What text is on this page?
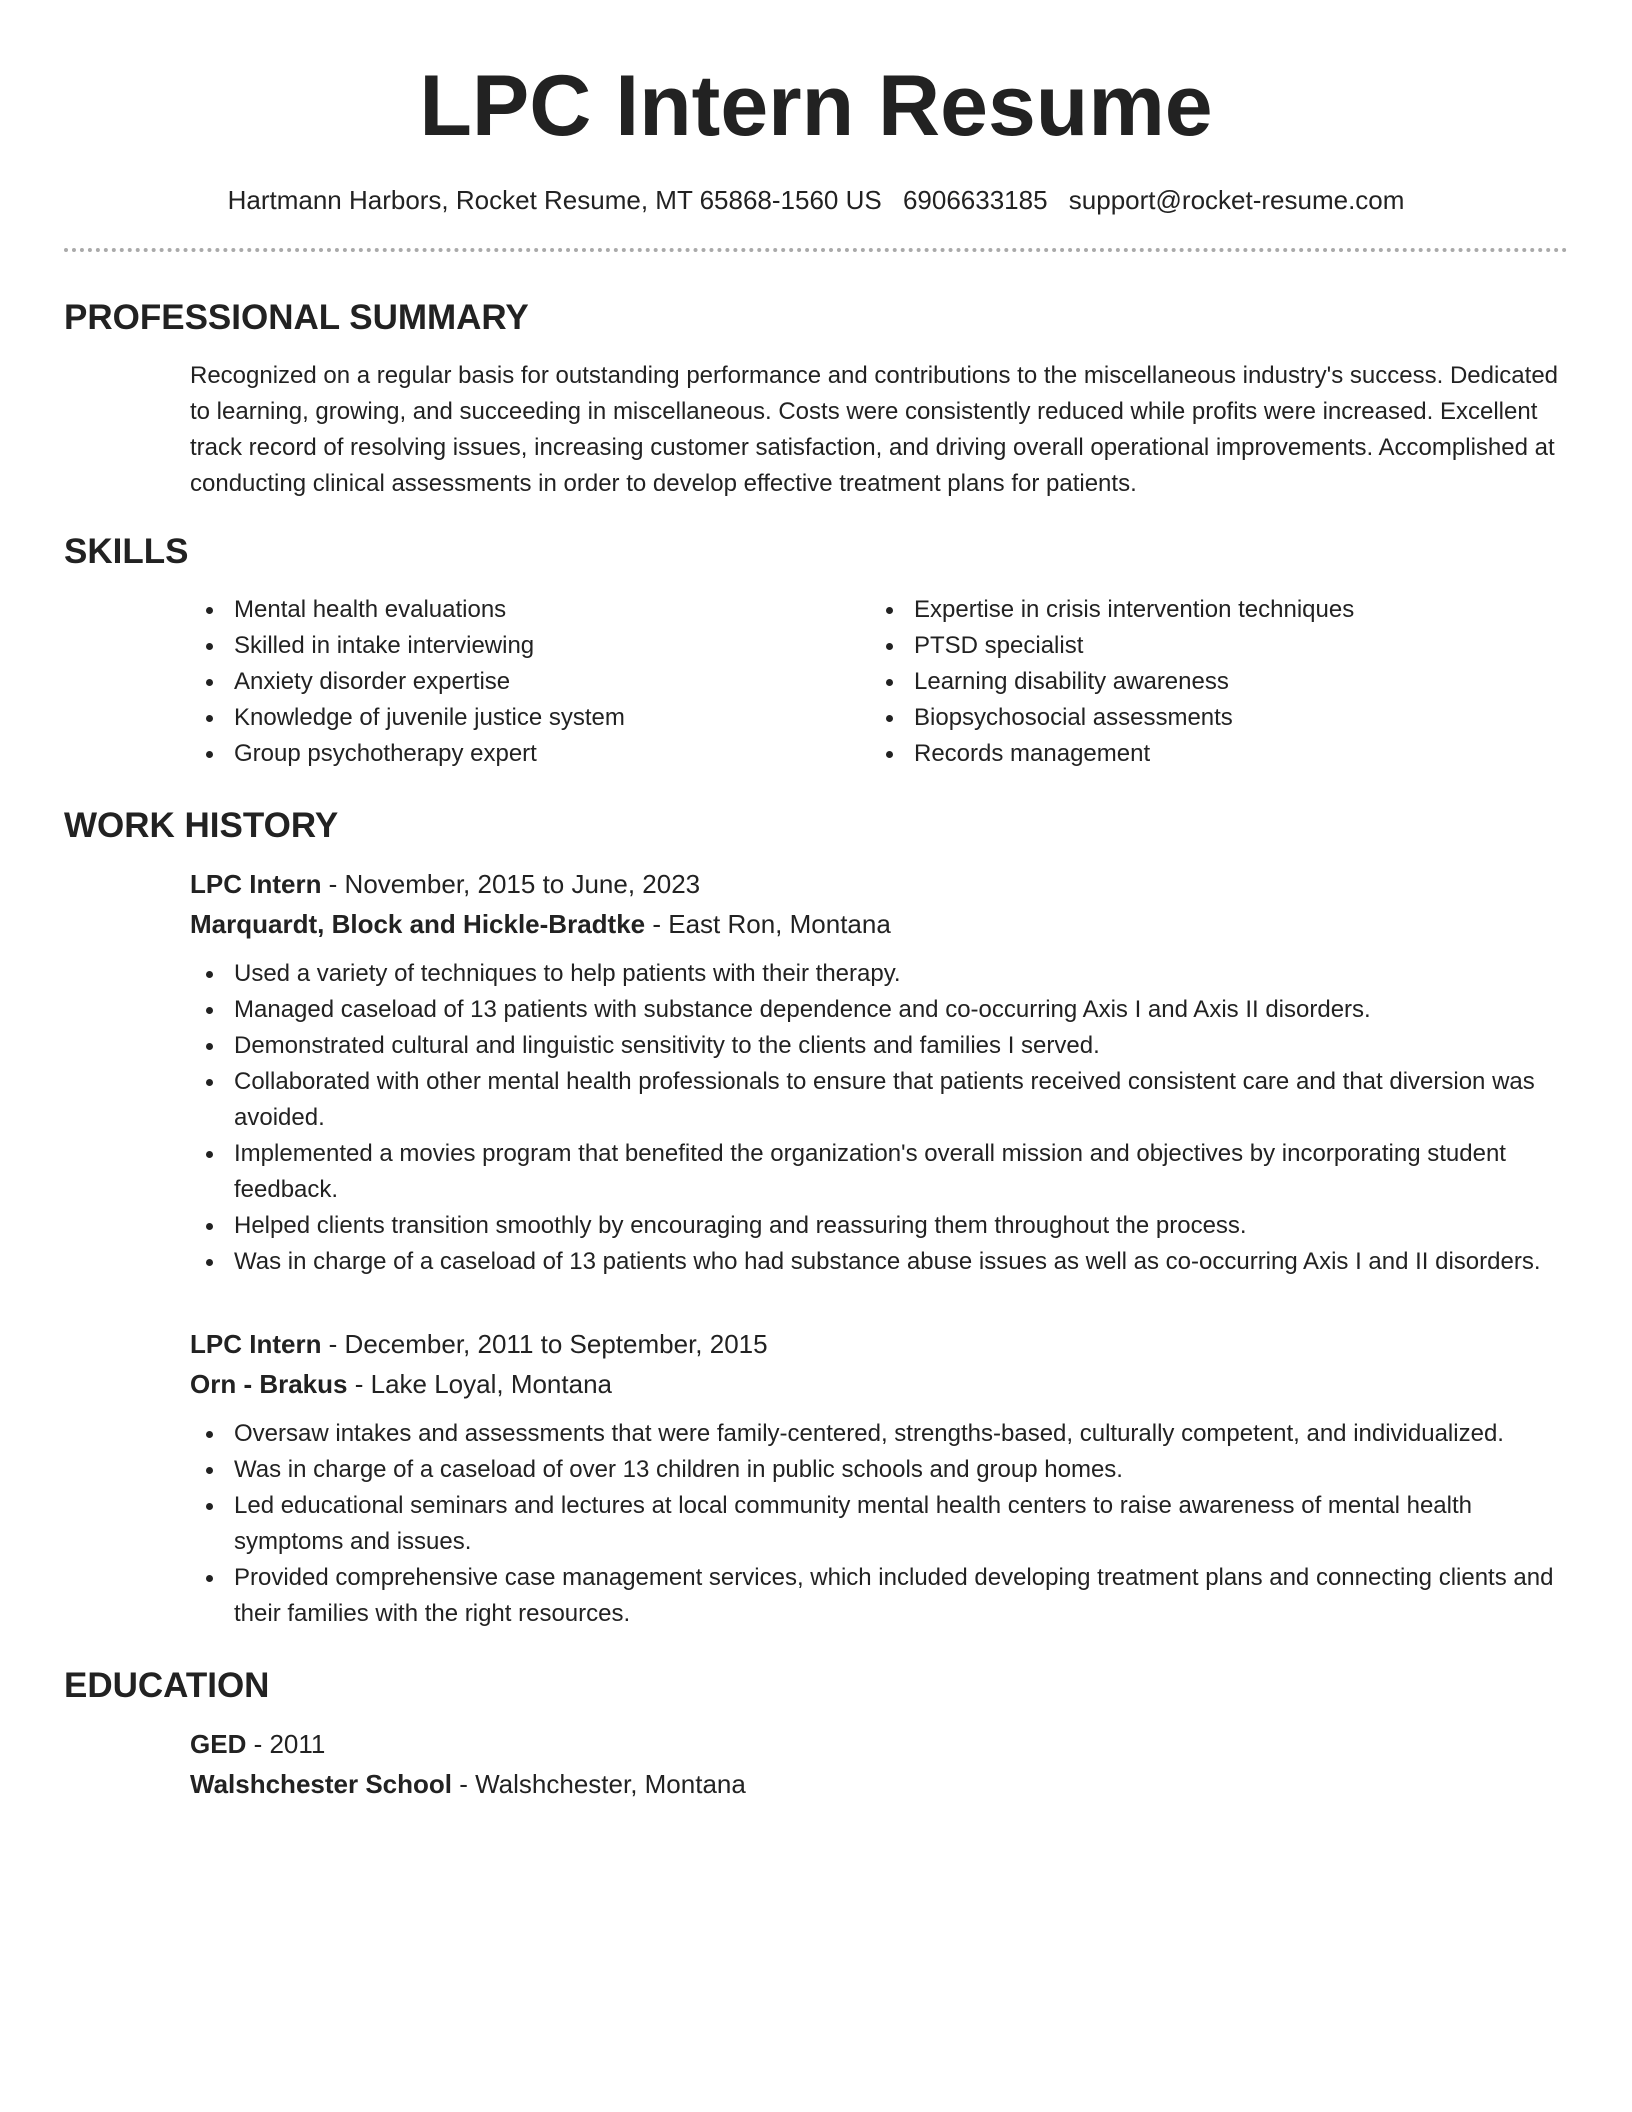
LPC Intern Resume
Hartmann Harbors, Rocket Resume, MT 65868-1560 US 6906633185 support@rocket-resume.com
PROFESSIONAL SUMMARY

Recognized on a regular basis for outstanding performance and contributions to the miscellaneous industry's success. Dedicated to learning, growing, and succeeding in miscellaneous. Costs were consistently reduced while profits were increased. Excellent track record of resolving issues, increasing customer satisfaction, and driving overall operational improvements. Accomplished at conducting clinical assessments in order to develop effective treatment plans for patients.

SKILLS
Mental health evaluations
Skilled in intake interviewing
Anxiety disorder expertise
Knowledge of juvenile justice system
Group psychotherapy expert
Expertise in crisis intervention techniques
PTSD specialist
Learning disability awareness
Biopsychosocial assessments
Records management
WORK HISTORY
LPC Intern - November, 2015 to June, 2023
Marquardt, Block and Hickle-Bradtke - East Ron, Montana
Used a variety of techniques to help patients with their therapy.
Managed caseload of 13 patients with substance dependence and co-occurring Axis I and Axis II disorders.
Demonstrated cultural and linguistic sensitivity to the clients and families I served.
Collaborated with other mental health professionals to ensure that patients received consistent care and that diversion was avoided.
Implemented a movies program that benefited the organization's overall mission and objectives by incorporating student feedback.
Helped clients transition smoothly by encouraging and reassuring them throughout the process.
Was in charge of a caseload of 13 patients who had substance abuse issues as well as co-occurring Axis I and II disorders.
LPC Intern - December, 2011 to September, 2015
Orn - Brakus - Lake Loyal, Montana
Oversaw intakes and assessments that were family-centered, strengths-based, culturally competent, and individualized.
Was in charge of a caseload of over 13 children in public schools and group homes.
Led educational seminars and lectures at local community mental health centers to raise awareness of mental health symptoms and issues.
Provided comprehensive case management services, which included developing treatment plans and connecting clients and their families with the right resources.
EDUCATION
GED - 2011
Walshchester School - Walshchester, Montana
